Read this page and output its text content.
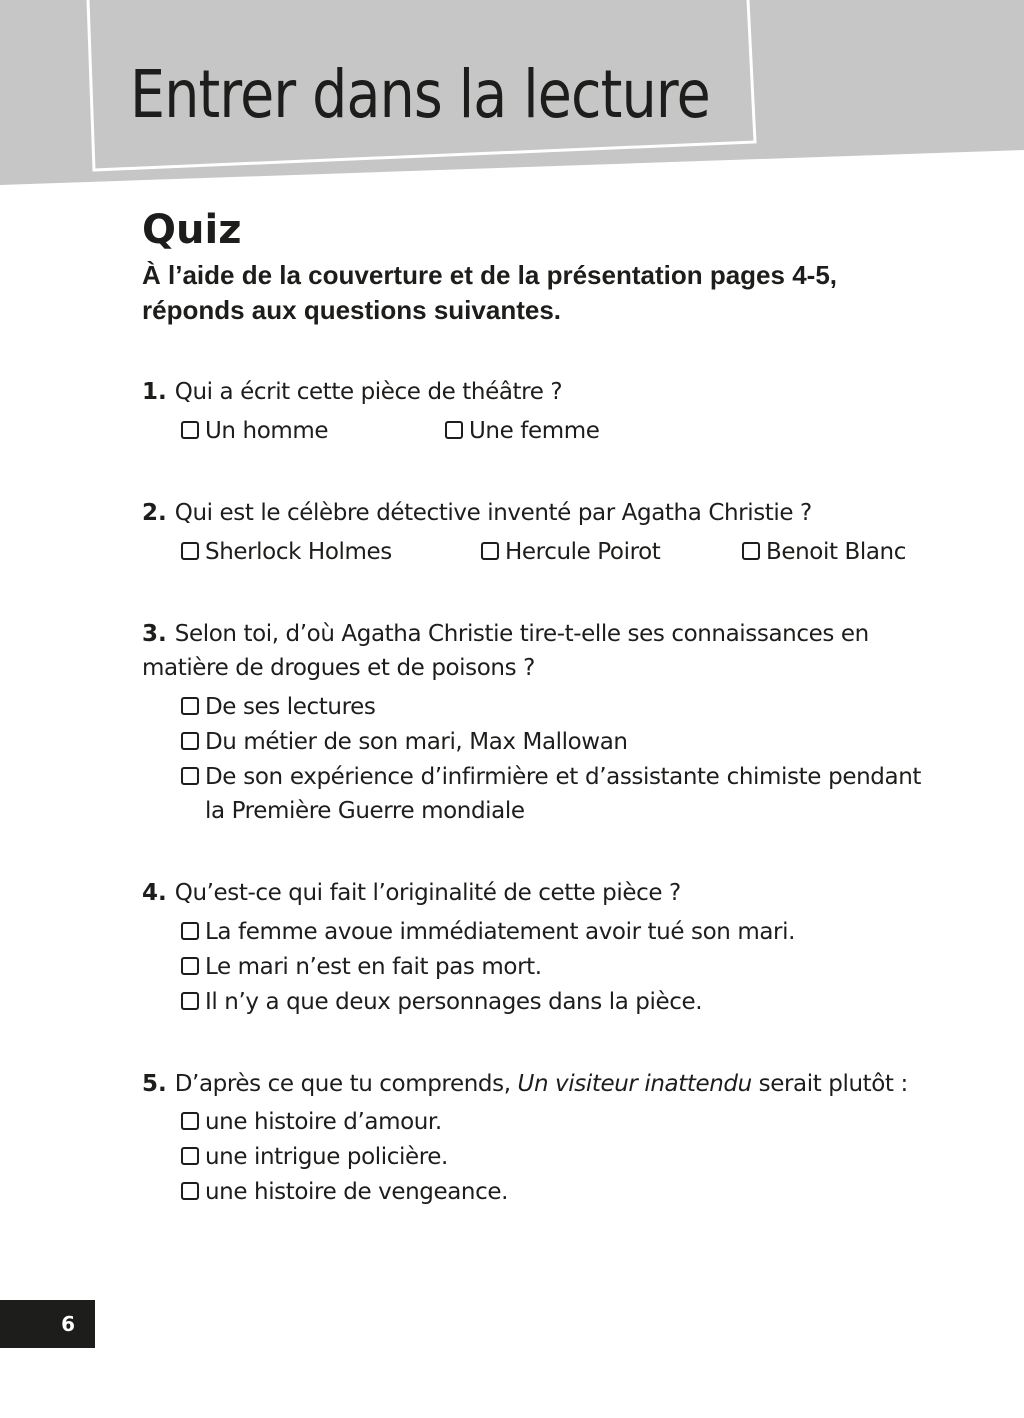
Entrer dans la lecture
Quiz

À l’aide de la couverture et de la présentation pages 4-5, réponds aux questions suivantes.

1. Qui a écrit cette pièce de théâtre ?
Un homme	Une femme
2. Qui est le célèbre détective inventé par Agatha Christie ?
Sherlock Holmes	Hercule Poirot	Benoit Blanc
3. Selon toi, d’où Agatha Christie tire-t-elle ses connaissances en matière de drogues et de poisons ?
De ses lectures
Du métier de son mari, Max Mallowan
De son expérience d’infirmière et d’assistante chimiste pendant la Première Guerre mondiale
4. Qu’est-ce qui fait l’originalité de cette pièce ?
La femme avoue immédiatement avoir tué son mari.
Le mari n’est en fait pas mort.
Il n’y a que deux personnages dans la pièce.
5. D’après ce que tu comprends, Un visiteur inattendu serait plutôt :
une histoire d’amour.
une intrigue policière.
une histoire de vengeance.
6
